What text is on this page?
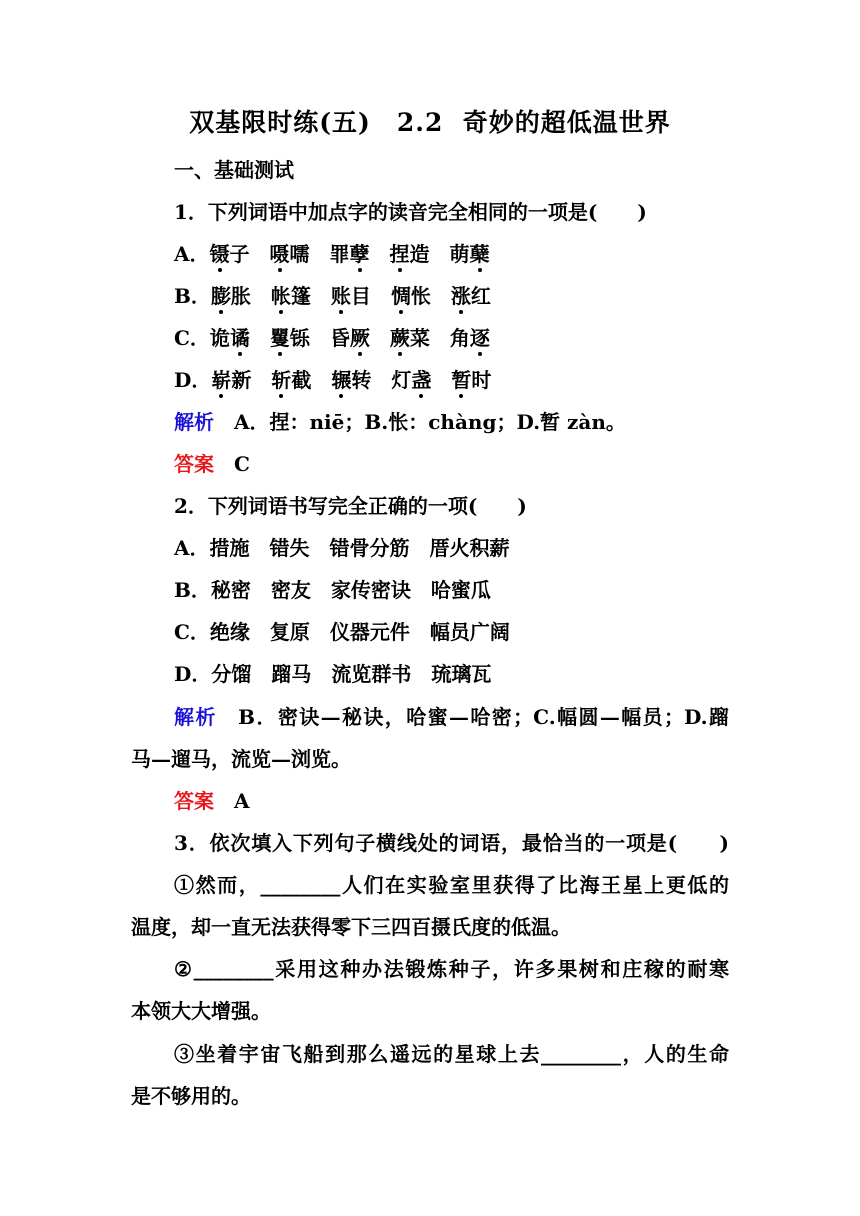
双基限时练(五)　2.2  奇妙的超低温世界
一、基础测试
1．下列词语中加点字的读音完全相同的一项是(　　)
A．镊子 嗫嚅 罪孽 捏造 萌蘖
B．膨胀 帐篷 账目 惆怅 涨红
C．诡谲 矍铄 昏厥 蕨菜 角逐
D．崭新 斩截 辗转 灯盏 暂时
解析　 A．捏：niē；B.怅：chàng；D.暂 zàn。
答案　 C
2．下列词语书写完全正确的一项(　　)
A．措施 错失 错骨分筋 厝火积薪
B．秘密 密友 家传密诀 哈蜜瓜
C．绝缘 复原 仪器元件 幅员广阔
D．分馏 蹓马 流览群书 琉璃瓦
解析　 B．密诀—秘诀，哈蜜—哈密；C.幅圆—幅员；D.蹓
马—遛马，流览—浏览。
答案　 A
3．依次填入下列句子横线处的词语，最恰当的一项是(　　)
①然而，________人们在实验室里获得了比海王星上更低的
温度，却一直无法获得零下三四百摄氏度的低温。
②________采用这种办法锻炼种子，许多果树和庄稼的耐寒
本领大大增强。
③坐着宇宙飞船到那么遥远的星球上去________，人的生命
是不够用的。
